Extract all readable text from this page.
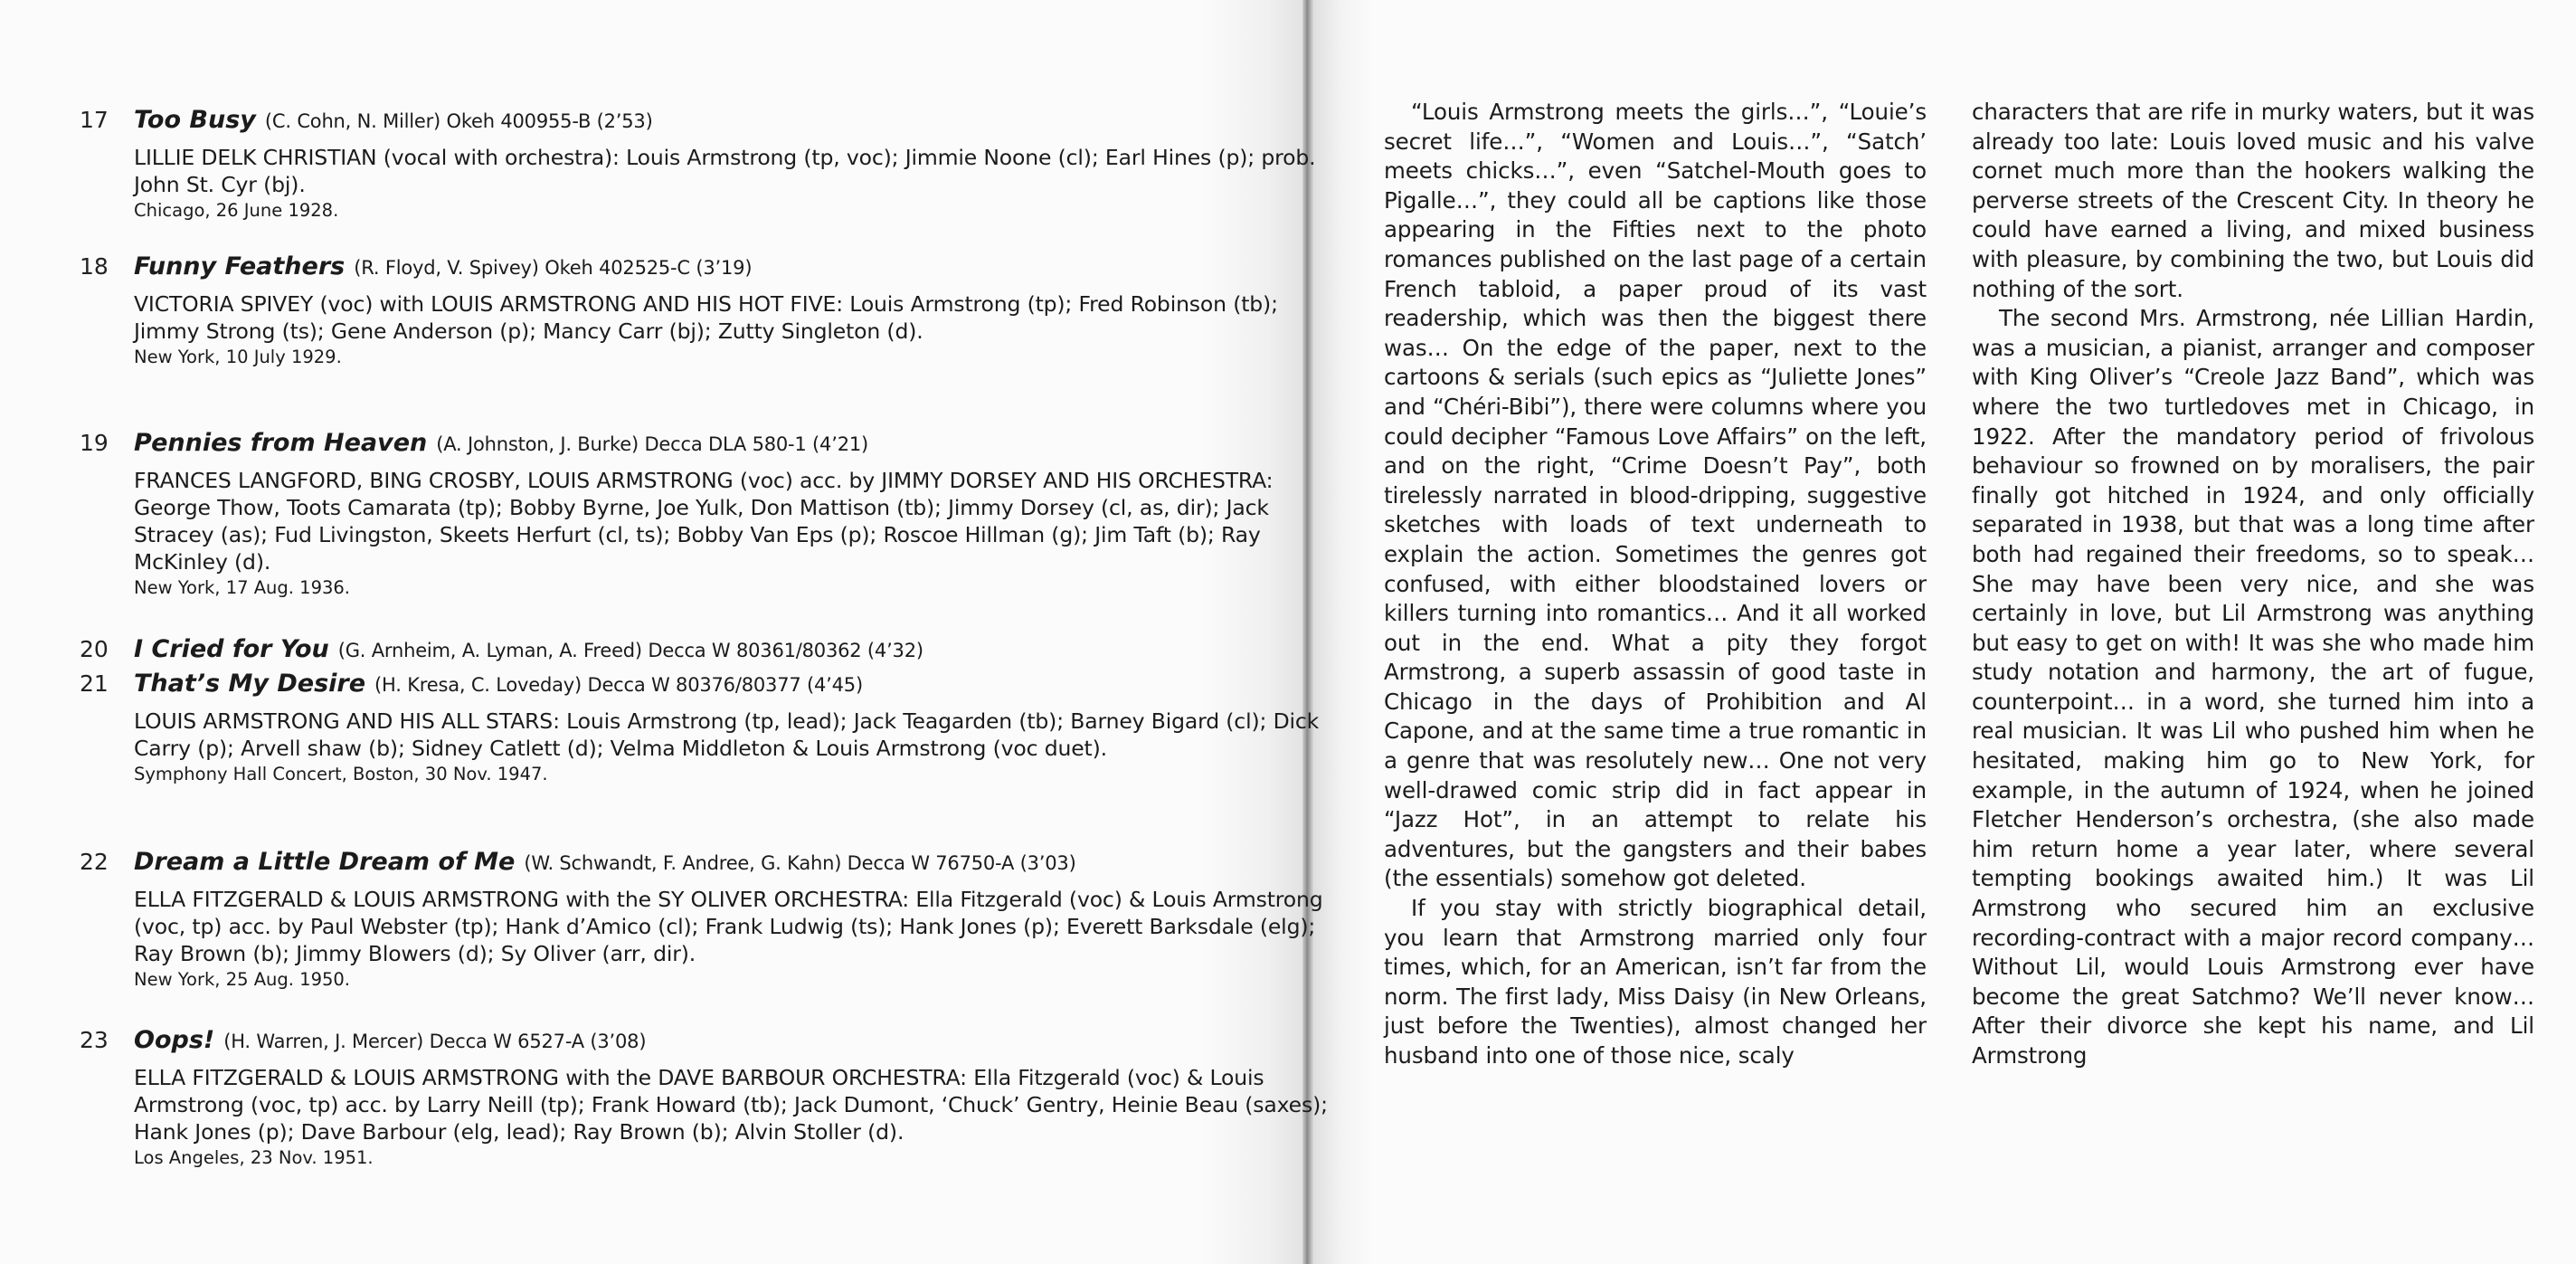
17	Too Busy (C. Cohn, N. Miller) Okeh 400955-B (2’53)
LILLIE DELK CHRISTIAN (vocal with orchestra): Louis Armstrong (tp, voc); Jimmie Noone (cl); Earl Hines (p); prob. John St. Cyr (bj).
Chicago, 26 June 1928.
18	Funny Feathers (R. Floyd, V. Spivey) Okeh 402525-C (3’19)
VICTORIA SPIVEY (voc) with LOUIS ARMSTRONG AND HIS HOT FIVE: Louis Armstrong (tp); Fred Robinson (tb); Jimmy Strong (ts); Gene Anderson (p); Mancy Carr (bj); Zutty Singleton (d).
New York, 10 July 1929.
19	Pennies from Heaven (A. Johnston, J. Burke) Decca DLA 580-1 (4’21)
FRANCES LANGFORD, BING CROSBY, LOUIS ARMSTRONG (voc) acc. by JIMMY DORSEY AND HIS ORCHESTRA: George Thow, Toots Camarata (tp); Bobby Byrne, Joe Yulk, Don Mattison (tb); Jimmy Dorsey (cl, as, dir); Jack Stracey (as); Fud Livingston, Skeets Herfurt (cl, ts); Bobby Van Eps (p); Roscoe Hillman (g); Jim Taft (b); Ray McKinley (d).
New York, 17 Aug. 1936.
20	I Cried for You (G. Arnheim, A. Lyman, A. Freed) Decca W 80361/80362 (4’32)
21	That’s My Desire (H. Kresa, C. Loveday) Decca W 80376/80377 (4’45)
LOUIS ARMSTRONG AND HIS ALL STARS: Louis Armstrong (tp, lead); Jack Teagarden (tb); Barney Bigard (cl); Dick Carry (p); Arvell shaw (b); Sidney Catlett (d); Velma Middleton & Louis Armstrong (voc duet).
Symphony Hall Concert, Boston, 30 Nov. 1947.
22	Dream a Little Dream of Me (W. Schwandt, F. Andree, G. Kahn) Decca W 76750-A (3’03)
ELLA FITZGERALD & LOUIS ARMSTRONG with the SY OLIVER ORCHESTRA: Ella Fitzgerald (voc) & Louis Armstrong (voc, tp) acc. by Paul Webster (tp); Hank d’Amico (cl); Frank Ludwig (ts); Hank Jones (p); Everett Barksdale (elg); Ray Brown (b); Jimmy Blowers (d); Sy Oliver (arr, dir).
New York, 25 Aug. 1950.
23	Oops! (H. Warren, J. Mercer) Decca W 6527-A (3’08)
ELLA FITZGERALD & LOUIS ARMSTRONG with the DAVE BARBOUR ORCHESTRA: Ella Fitzgerald (voc) & Louis Armstrong (voc, tp) acc. by Larry Neill (tp); Frank Howard (tb); Jack Dumont, ‘Chuck’ Gentry, Heinie Beau (saxes); Hank Jones (p); Dave Barbour (elg, lead); Ray Brown (b); Alvin Stoller (d).
Los Angeles, 23 Nov. 1951.

“Louis Armstrong meets the girls…”, “Louie’s secret life…”, “Women and Louis…”, “Satch’ meets chicks…”, even “Satchel-Mouth goes to Pigalle…”, they could all be captions like those appearing in the Fifties next to the photo romances published on the last page of a certain French tabloid, a paper proud of its vast readership, which was then the biggest there was… On the edge of the paper, next to the cartoons & serials (such epics as “Juliette Jones” and “Chéri-Bibi”), there were columns where you could decipher “Famous Love Affairs” on the left, and on the right, “Crime Doesn’t Pay”, both tirelessly narrated in blood-dripping, suggestive sketches with loads of text underneath to explain the action. Sometimes the genres got confused, with either bloodstained lovers or killers turning into romantics… And it all worked out in the end. What a pity they forgot Armstrong, a superb assassin of good taste in Chicago in the days of Prohibition and Al Capone, and at the same time a true romantic in a genre that was resolutely new… One not very well-drawed comic strip did in fact appear in “Jazz Hot”, in an attempt to relate his adventures, but the gangsters and their babes (the essentials) somehow got deleted.

If you stay with strictly biographical detail, you learn that Armstrong married only four times, which, for an American, isn’t far from the norm. The first lady, Miss Daisy (in New Orleans, just before the Twenties), almost changed her husband into one of those nice, scaly

characters that are rife in murky waters, but it was already too late: Louis loved music and his valve cornet much more than the hookers walking the perverse streets of the Crescent City. In theory he could have earned a living, and mixed business with pleasure, by combining the two, but Louis did nothing of the sort.

The second Mrs. Armstrong, née Lillian Hardin, was a musician, a pianist, arranger and composer with King Oliver’s “Creole Jazz Band”, which was where the two turtledoves met in Chicago, in 1922. After the mandatory period of frivolous behaviour so frowned on by moralisers, the pair finally got hitched in 1924, and only officially separated in 1938, but that was a long time after both had regained their freedoms, so to speak… She may have been very nice, and she was certainly in love, but Lil Armstrong was anything but easy to get on with! It was she who made him study notation and harmony, the art of fugue, counterpoint… in a word, she turned him into a real musician. It was Lil who pushed him when he hesitated, making him go to New York, for example, in the autumn of 1924, when he joined Fletcher Henderson’s orchestra, (she also made him return home a year later, where several tempting bookings awaited him.) It was Lil Armstrong who secured him an exclusive recording-contract with a major record company… Without Lil, would Louis Armstrong ever have become the great Satchmo? We’ll never know… After their divorce she kept his name, and Lil Armstrong
